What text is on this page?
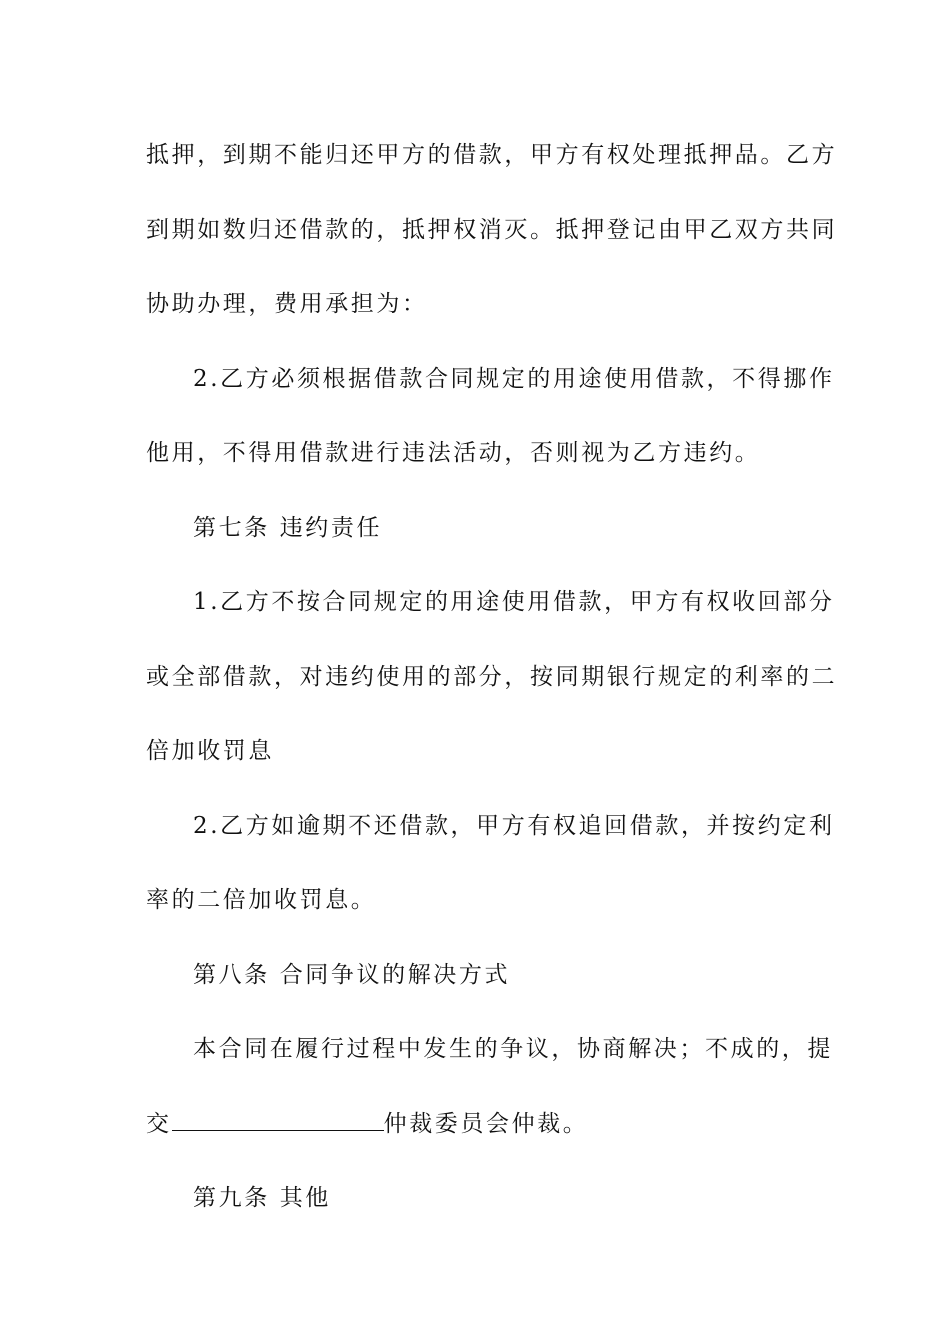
抵押，到期不能归还甲方的借款，甲方有权处理抵押品。乙方
到期如数归还借款的，抵押权消灭。抵押登记由甲乙双方共同
协助办理，费用承担为：
2.乙方必须根据借款合同规定的用途使用借款，不得挪作
他用，不得用借款进行违法活动，否则视为乙方违约。
第七条 违约责任
1.乙方不按合同规定的用途使用借款，甲方有权收回部分
或全部借款，对违约使用的部分，按同期银行规定的利率的二
倍加收罚息
2.乙方如逾期不还借款，甲方有权追回借款，并按约定利
率的二倍加收罚息。
第八条 合同争议的解决方式
本合同在履行过程中发生的争议，协商解决；不成的，提
交	仲裁委员会仲裁。
第九条 其他
